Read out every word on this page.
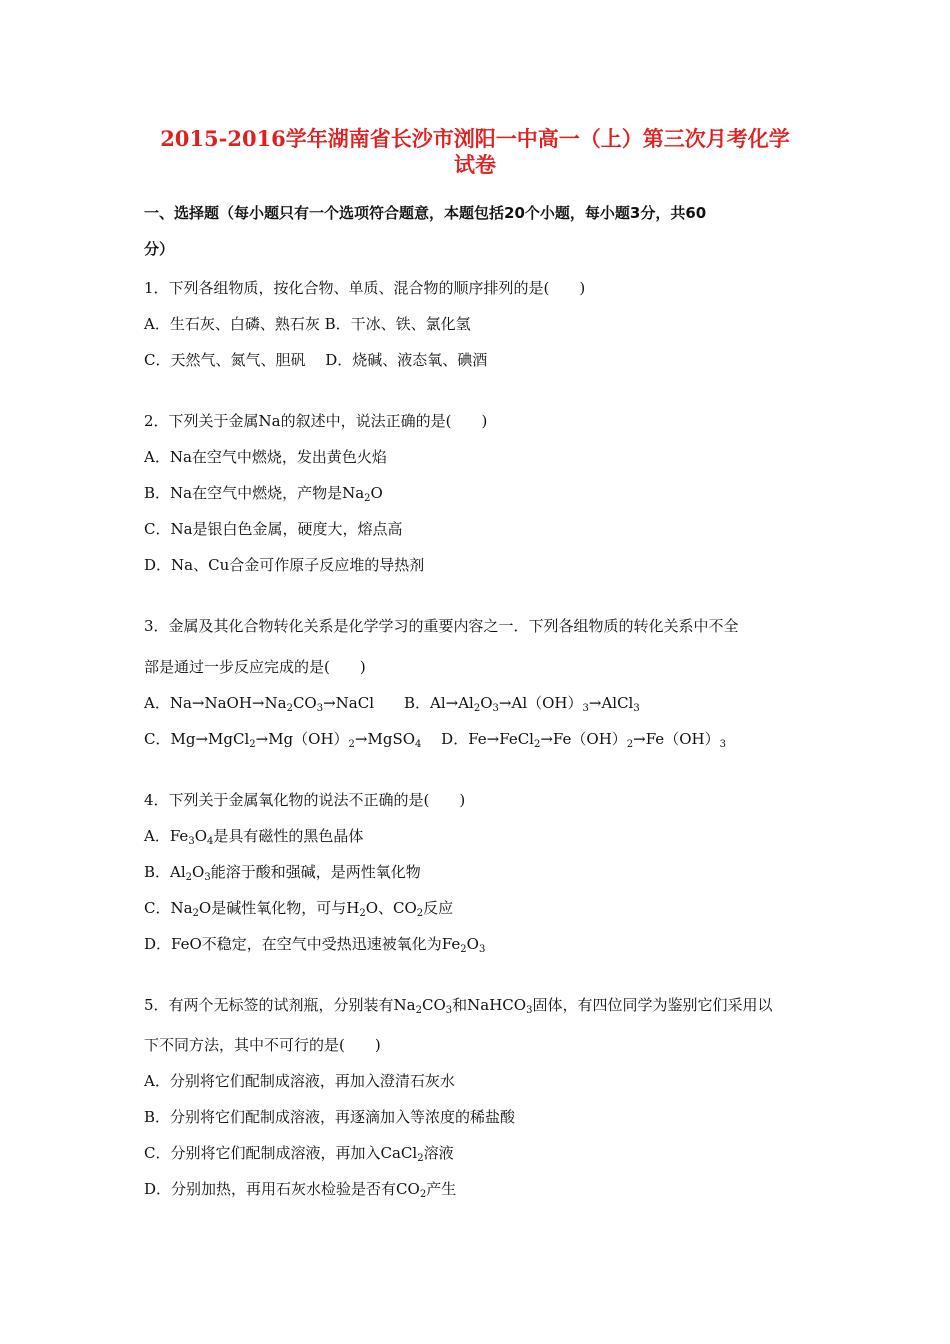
2015-2016学年湖南省长沙市浏阳一中高一（上）第三次月考化学
试卷
一、选择题（每小题只有一个选项符合题意，本题包括20个小题，每小题3分，共60
分）
1．下列各组物质，按化合物、单质、混合物的顺序排列的是(　　)
A．生石灰、白磷、熟石灰 B．干冰、铁、氯化氢
C．天然气、氮气、胆矾　 D．烧碱、液态氧、碘酒
2．下列关于金属Na的叙述中，说法正确的是(　　)
A．Na在空气中燃烧，发出黄色火焰
B．Na在空气中燃烧，产物是$Na_2O$
C．Na是银白色金属，硬度大，熔点高
D．Na、Cu合金可作原子反应堆的导热剂
3．金属及其化合物转化关系是化学学习的重要内容之一．下列各组物质的转化关系中不全
部是通过一步反应完成的是(　　)
A．$Na\to NaOH\to Na_2CO_3\to NaCl$　　B．$Al\to Al_2O_3\to Al(OH)_3\to AlCl_3$
C．$Mg\to MgCl_2\to Mg(OH)_2\to MgSO_4$　 D．$Fe\to FeCl_2\to Fe(OH)_2\to Fe(OH)_3$
4．下列关于金属氧化物的说法不正确的是(　　)
A．$Fe_3O_4$是具有磁性的黑色晶体
B．$Al_2O_3$能溶于酸和强碱，是两性氧化物
C．$Na_2O$是碱性氧化物，可与$H_2O$、$CO_2$反应
D．FeO不稳定，在空气中受热迅速被氧化为$Fe_2O_3$
5．有两个无标签的试剂瓶，分别装有$Na_2CO_3$和NaHCO$_3$固体，有四位同学为鉴别它们采用以
下不同方法，其中不可行的是(　　)
A．分别将它们配制成溶液，再加入澄清石灰水
B．分别将它们配制成溶液，再逐滴加入等浓度的稀盐酸
C．分别将它们配制成溶液，再加入CaCl$_2$溶液
D．分别加热，再用石灰水检验是否有$CO_2$产生
